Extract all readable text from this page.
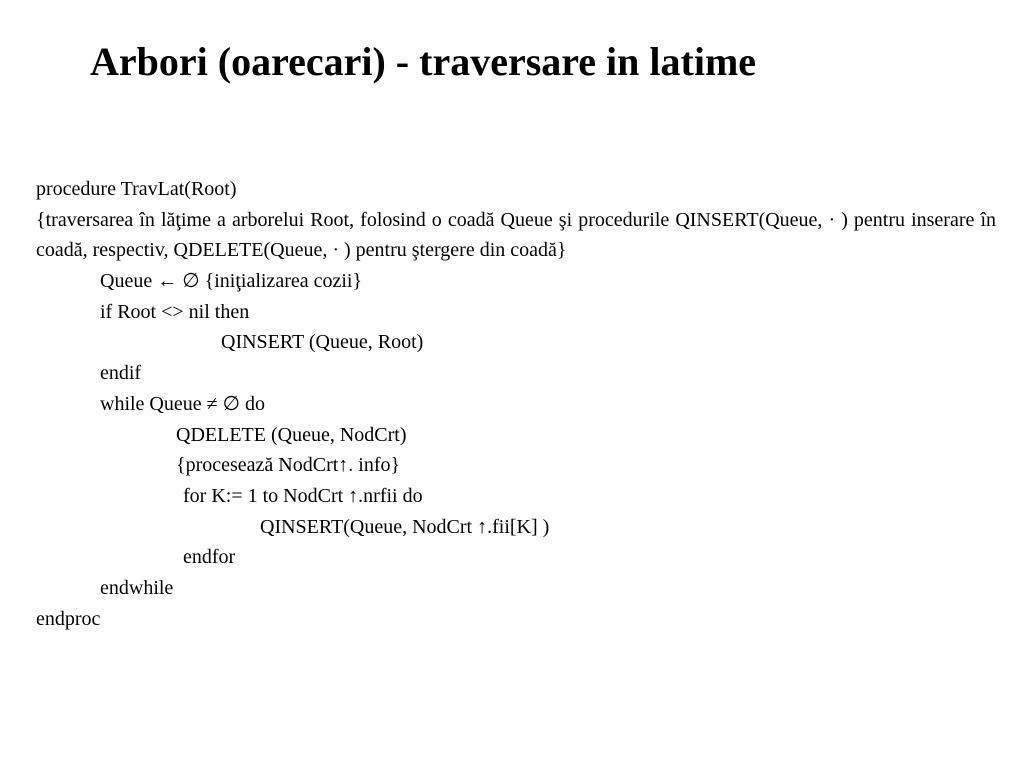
Arbori (oarecari) - traversare in latime
procedure TravLat(Root)
{traversarea în lăţime a arborelui Root, folosind o coadă Queue şi procedurile QINSERT(Queue, · ) pentru inserare în coadă, respectiv, QDELETE(Queue, · ) pentru ştergere din coadă}
Queue ← ∅ {iniţializarea cozii}
if Root <> nil then
QINSERT (Queue, Root)
endif
while Queue ≠ ∅ do
QDELETE (Queue, NodCrt)
{procesează NodCrt↑. info}
for K:= 1 to NodCrt ↑.nrfii do
QINSERT(Queue, NodCrt ↑.fii[K] )
endfor
endwhile
endproc
